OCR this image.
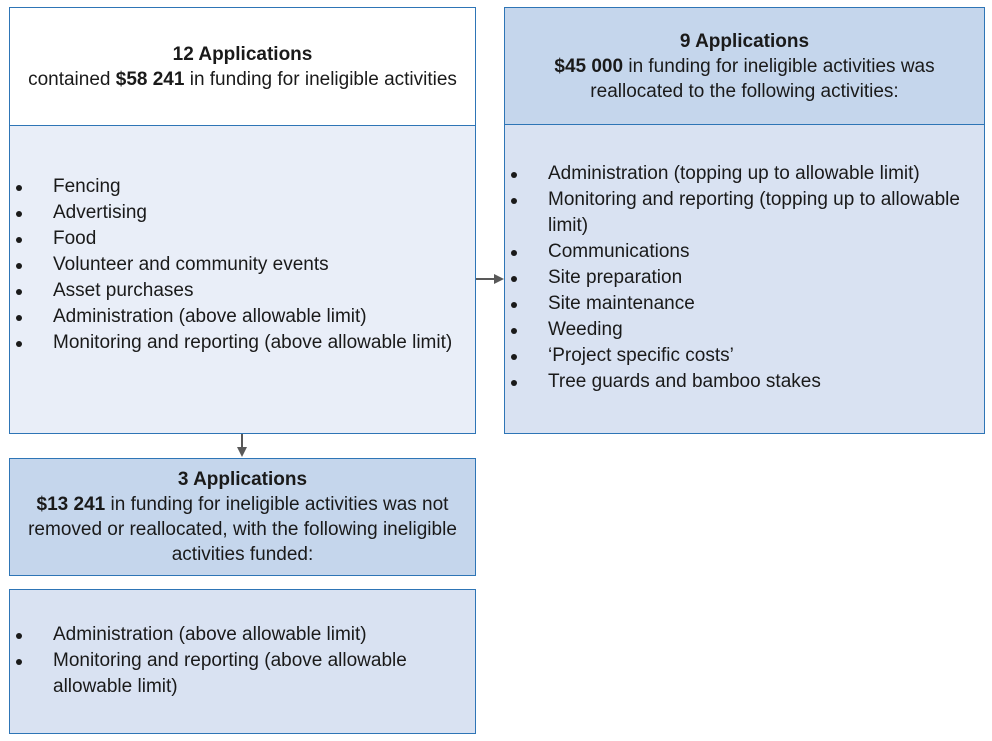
12 Applications
contained $58 241 in funding for ineligible activities
Fencing
Advertising
Food
Volunteer and community events
Asset purchases
Administration (above allowable limit)
Monitoring and reporting (above allowable limit)
9 Applications
$45 000 in funding for ineligible activities was reallocated to the following activities:
Administration (topping up to allowable limit)
Monitoring and reporting (topping up to allowable limit)
Communications
Site preparation
Site maintenance
Weeding
‘Project specific costs’
Tree guards and bamboo stakes
3 Applications
$13 241 in funding for ineligible activities was not removed or reallocated, with the following ineligible activities funded:
Administration (above allowable limit)
Monitoring and reporting (above allowable allowable limit)
